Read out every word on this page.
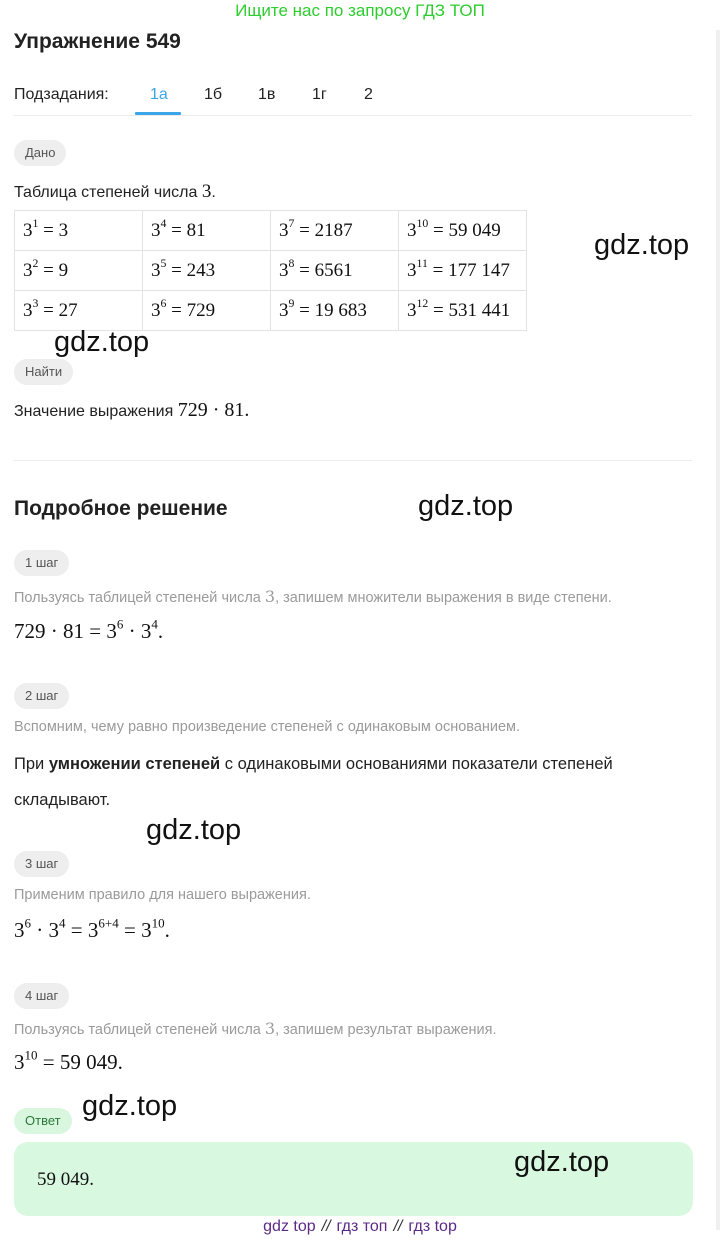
Ищите нас по запросу ГДЗ ТОП
Упражнение 549
Подзадания:	1а 1б 1в 1г 2
Дано
Таблица степеней числа 3.
$3^1 = 3$	$3^4 = 81$	$3^7 = 2187$	$3^{10} = 59$ 049
$3^2 = 9$	$3^5 = 243$	$3^8 = 6561$	$3^{11} = 177$ 147
$3^3 = 27$	$3^6 = 729$	$3^9 = 19$ 683	$3^{12} = 531$ 441
Найти
Значение выражения 729 · 81.
Подробное решение
1 шаг
Пользуясь таблицей степеней числа 3, запишем множители выражения в виде степени.
$729 \cdot 81 = 3^6 \cdot 3^4$.
2 шаг
Вспомним, чему равно произведение степеней с одинаковым основанием.
При умножении степеней с одинаковыми основаниями показатели степеней
складывают.
3 шаг
Применим правило для нашего выражения.
$3^6 \cdot 3^4 = 3^{6+4} = 3^{10}$.
4 шаг
Пользуясь таблицей степеней числа 3, запишем результат выражения.
$3^{10} = 59$ 049.
Ответ
59 049.
gdz.top
gdz.top
gdz.top
gdz.top
gdz.top
gdz.top
gdz top // гдз топ // гдз top
